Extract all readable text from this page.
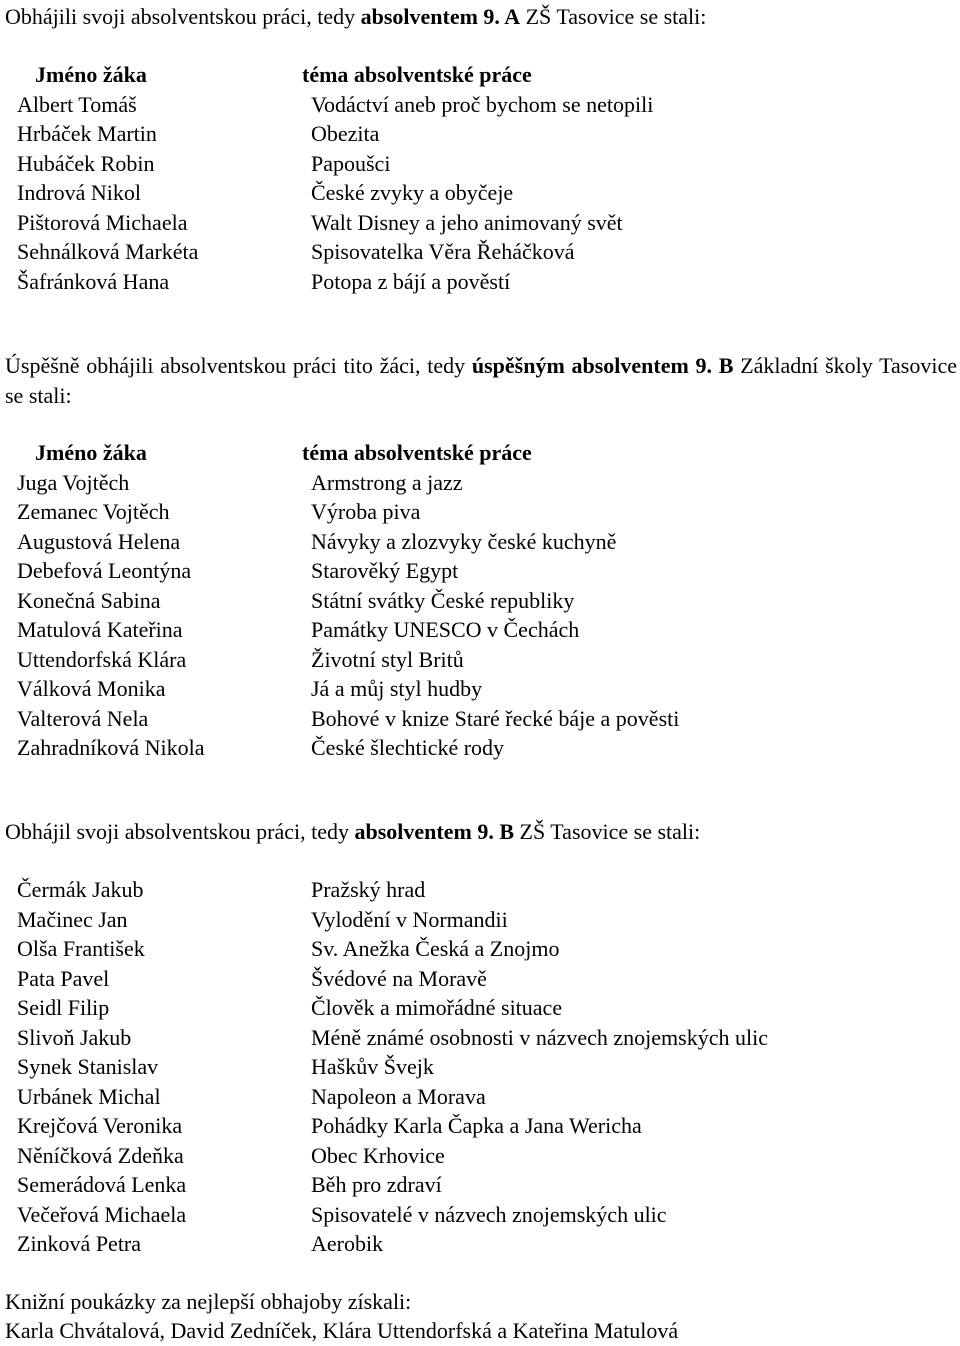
Obhájili svoji absolventskou práci, tedy absolventem 9. A ZŠ Tasovice se stali:

Jméno žáka	téma absolventské práce
Albert Tomáš	Vodáctví aneb proč bychom se netopili
Hrbáček Martin	Obezita
Hubáček Robin	Papoušci
Indrová Nikol	České zvyky a obyčeje
Pištorová Michaela	Walt Disney a jeho animovaný svět
Sehnálková Markéta	Spisovatelka Věra Řeháčková
Šafránková Hana	Potopa z bájí a pověstí

Úspěšně obhájili absolventskou práci tito žáci, tedy úspěšným absolventem 9. B Základní školy Tasovice se stali:

Jméno žáka	téma absolventské práce
Juga Vojtěch	Armstrong a jazz
Zemanec Vojtěch	Výroba piva
Augustová Helena	Návyky a zlozvyky české kuchyně
Debefová Leontýna	Starověký Egypt
Konečná Sabina	Státní svátky České republiky
Matulová Kateřina	Památky UNESCO v Čechách
Uttendorfská Klára	Životní styl Britů
Válková Monika	Já a můj styl hudby
Valterová Nela	Bohové v knize Staré řecké báje a pověsti
Zahradníková Nikola	České šlechtické rody

Obhájil svoji absolventskou práci, tedy absolventem 9. B ZŠ Tasovice se stali:

Čermák Jakub	Pražský hrad
Mačinec Jan	Vylodění v Normandii
Olša František	Sv. Anežka Česká a Znojmo
Pata Pavel	Švédové na Moravě
Seidl Filip	Člověk a mimořádné situace
Slivoň Jakub	Méně známé osobnosti v názvech znojemských ulic
Synek Stanislav	Haškův Švejk
Urbánek Michal	Napoleon a Morava
Krejčová Veronika	Pohádky Karla Čapka a Jana Wericha
Něníčková Zdeňka	Obec Krhovice
Semerádová Lenka	Běh pro zdraví
Večeřová Michaela	Spisovatelé v názvech znojemských ulic
Zinková Petra	Aerobik

Knižní poukázky za nejlepší obhajoby získali:

Karla Chvátalová, David Zedníček, Klára Uttendorfská a Kateřina Matulová
